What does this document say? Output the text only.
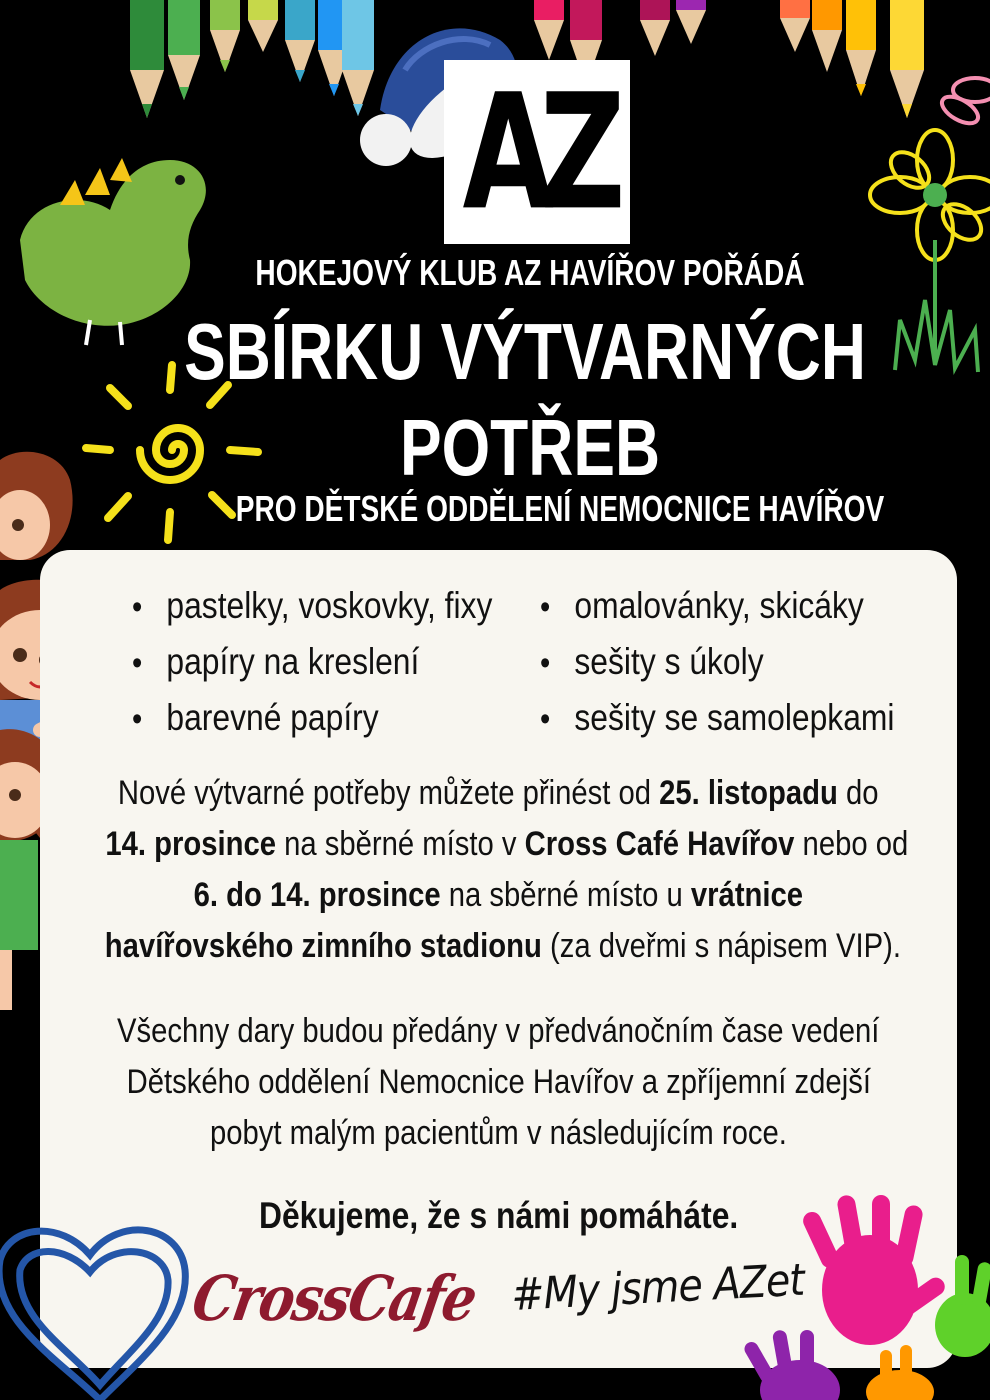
AZ
HOKEJOVÝ KLUB AZ HAVÍŘOV POŘÁDÁ
SBÍRKU VÝTVARNÝCH
POTŘEB
PRO DĚTSKÉ ODDĚLENÍ NEMOCNICE HAVÍŘOV
• pastelky, voskovky, fixy
• papíry na kreslení
• barevné papíry
• omalovánky, skicáky
• sešity s úkoly
• sešity se samolepkami
Nové výtvarné potřeby můžete přinést od 25. listopadu do
14. prosince na sběrné místo v Cross Café Havířov nebo od
6. do 14. prosince na sběrné místo u vrátnice
havířovského zimního stadionu (za dveřmi s nápisem VIP).
Všechny dary budou předány v předvánočním čase vedení
Dětského oddělení Nemocnice Havířov a zpříjemní zdejší
pobyt malým pacientům v následujícím roce.
Děkujeme, že s námi pomáháte.
CrossCafe #My jsme AZet
